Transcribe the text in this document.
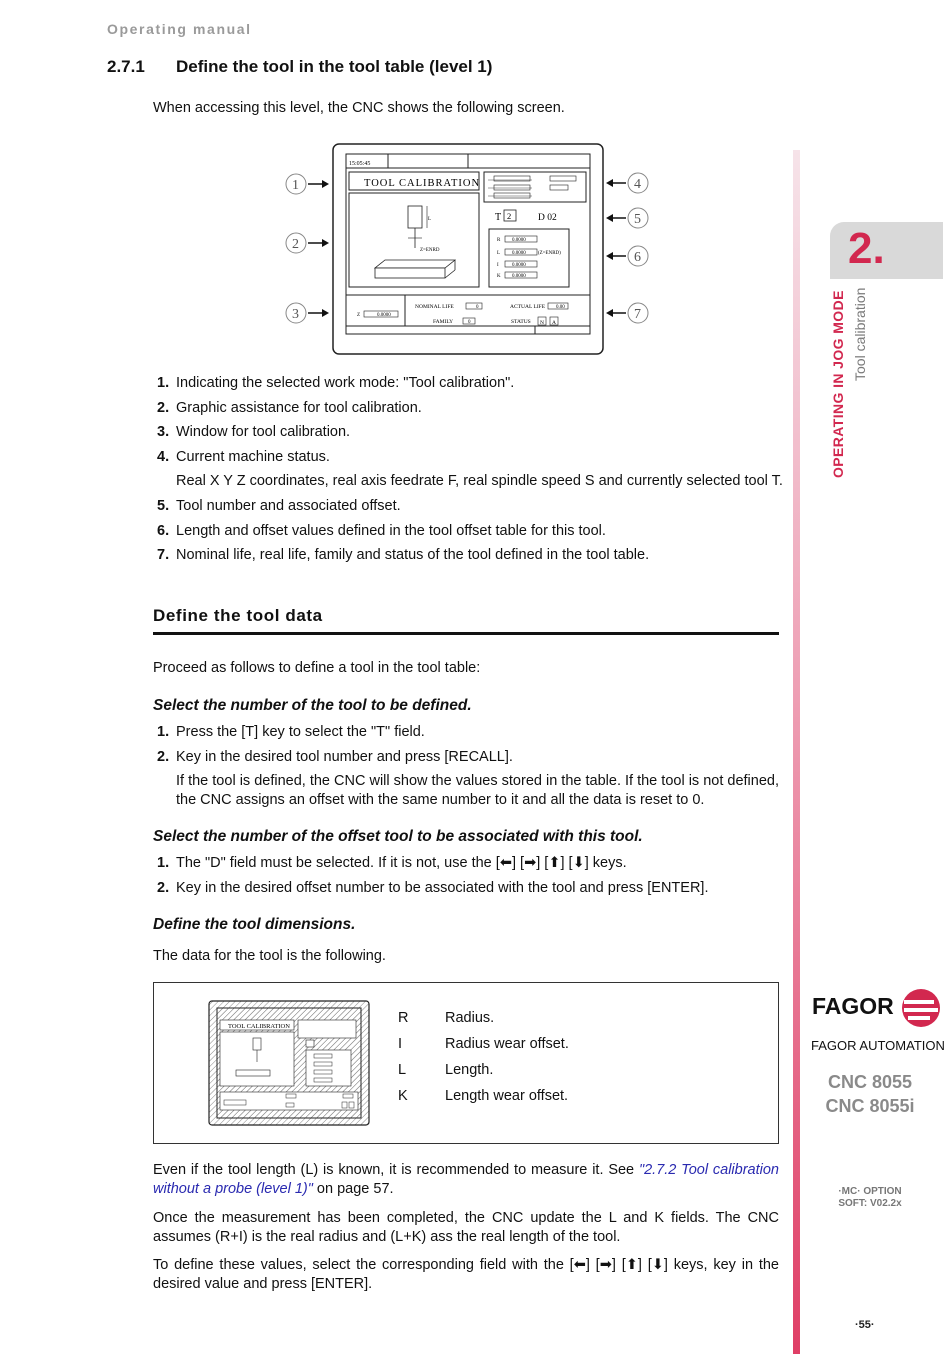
Operating manual
2.7.1 Define the tool in the tool table (level 1)
When accessing this level, the CNC shows the following screen.
15:05:45
TOOL CALIBRATION
L
Z=ENRD
T 2	D 02
R 0.0000
L 0.0000 (Z=ENRD)
I	0.0000
K 0.0000
Z	0.0000
NOMINAL LIFE	0	ACTUAL LIFE 0.00
FAMILY	0	STATUS N A
1
2
3
4
5
6
7
1. Indicating the selected work mode: "Tool calibration".
2. Graphic assistance for tool calibration.
3. Window for tool calibration.
4. Current machine status.
Real X Y Z coordinates, real axis feedrate F, real spindle speed S and currently selected tool T.
5. Tool number and associated offset.
6. Length and offset values defined in the tool offset table for this tool.
7. Nominal life, real life, family and status of the tool defined in the tool table.
Define the tool data
Proceed as follows to define a tool in the tool table:
Select the number of the tool to be defined.
1. Press the [T] key to select the "T" field.
2. Key in the desired tool number and press [RECALL].
If the tool is defined, the CNC will show the values stored in the table. If the tool is not defined, the CNC assigns an offset with the same number to it and all the data is reset to 0.
Select the number of the offset tool to be associated with this tool.
1. The "D" field must be selected. If it is not, use the [⬅] [➡] [⬆] [⬇] keys.
2. Key in the desired offset number to be associated with the tool and press [ENTER].
Define the tool dimensions.
The data for the tool is the following.
TOOL CALIBRATION
R	Radius.
I	Radius wear offset.
L	Length.
K	Length wear offset.
Even if the tool length (L) is known, it is recommended to measure it. See "2.7.2 Tool calibration without a probe (level 1)" on page 57.
Once the measurement has been completed, the CNC update the L and K fields. The CNC assumes (R+I) is the real radius and (L+K) ass the real length of the tool.
To define these values, select the corresponding field with the [⬅] [➡] [⬆] [⬇] keys, key in the desired value and press [ENTER].
2.
OPERATING IN JOG MODE Tool calibration
FAGOR
FAGOR AUTOMATION
CNC 8055
CNC 8055i
·MC· OPTION
SOFT: V02.2x
·55·
